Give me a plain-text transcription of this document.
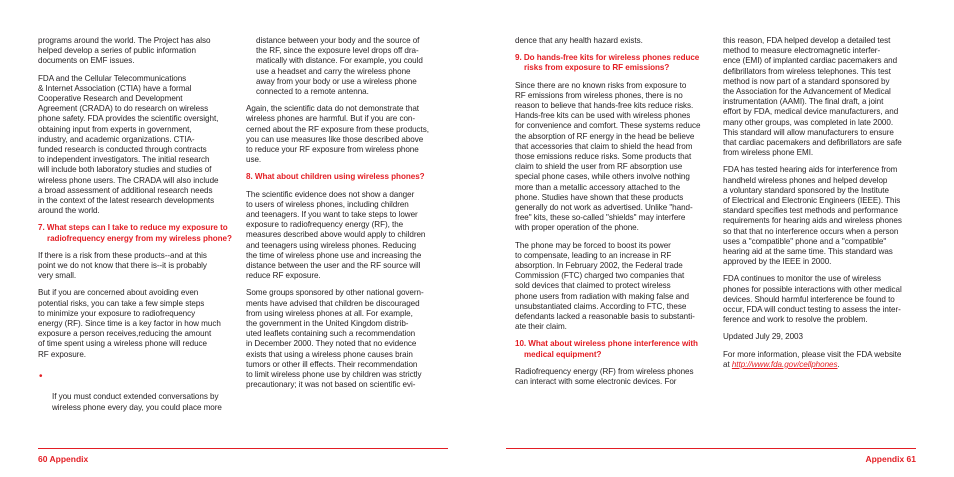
programs around the world. The Project has also
helped develop a series of public information
documents on EMF issues.

FDA and the Cellular Telecommunications
& Internet Association (CTIA) have a formal
Cooperative Research and Development
Agreement (CRADA) to do research on wireless
phone safety. FDA provides the scientific oversight,
obtaining input from experts in government,
industry, and academic organizations. CTIA-
funded research is conducted through contracts
to independent investigators. The initial research
will include both laboratory studies and studies of
wireless phone users. The CRADA will also include
a broad assessment of additional research needs
in the context of the latest research developments
around the world.

7. What steps can I take to reduce my exposure to
radiofrequency energy from my wireless phone?

If there is a risk from these products--and at this
point we do not know that there is--it is probably
very small.

But if you are concerned about avoiding even
potential risks, you can take a few simple steps
to minimize your exposure to radiofrequency
energy (RF). Since time is a key factor in how much
exposure a person receives,reducing the amount
of time spent using a wireless phone will reduce
RF exposure.

•

If you must conduct extended conversations by
wireless phone every day, you could place more

distance between your body and the source of
the RF, since the exposure level drops off dra-
matically with distance. For example, you could
use a headset and carry the wireless phone
away from your body or use a wireless phone
connected to a remote antenna.

Again, the scientific data do not demonstrate that
wireless phones are harmful. But if you are con-
cerned about the RF exposure from these products,
you can use measures like those described above
to reduce your RF exposure from wireless phone
use.

8. What about children using wireless phones?

The scientific evidence does not show a danger
to users of wireless phones, including children
and teenagers. If you want to take steps to lower
exposure to radiofrequency energy (RF), the
measures described above would apply to children
and teenagers using wireless phones. Reducing
the time of wireless phone use and increasing the
distance between the user and the RF source will
reduce RF exposure.

Some groups sponsored by other national govern-
ments have advised that children be discouraged
from using wireless phones at all. For example,
the government in the United Kingdom distrib-
uted leaflets containing such a recommendation
in December 2000. They noted that no evidence
exists that using a wireless phone causes brain
tumors or other ill effects. Their recommendation
to limit wireless phone use by children was strictly
precautionary; it was not based on scientific evi-

60 Appendix

dence that any health hazard exists.

9. Do hands-free kits for wireless phones reduce
risks from exposure to RF emissions?

Since there are no known risks from exposure to
RF emissions from wireless phones, there is no
reason to believe that hands-free kits reduce risks.
Hands-free kits can be used with wireless phones
for convenience and comfort. These systems reduce
the absorption of RF energy in the head be believe
that accessories that claim to shield the head from
those emissions reduce risks. Some products that
claim to shield the user from RF absorption use
special phone cases, while others involve nothing
more than a metallic accessory attached to the
phone. Studies have shown that these products
generally do not work as advertised. Unlike "hand-
free" kits, these so-called "shields" may interfere
with proper operation of the phone.

The phone may be forced to boost its power
to compensate, leading to an increase in RF
absorption. In February 2002, the Federal trade
Commission (FTC) charged two companies that
sold devices that claimed to protect wireless
phone users from radiation with making false and
unsubstantiated claims. According to FTC, these
defendants lacked a reasonable basis to substanti-
ate their claim.

10. What about wireless phone interference with
medical equipment?

Radiofrequency energy (RF) from wireless phones
can interact with some electronic devices. For

this reason, FDA helped develop a detailed test
method to measure electromagnetic interfer-
ence (EMI) of implanted cardiac pacemakers and
defibrillators from wireless telephones. This test
method is now part of a standard sponsored by
the Association for the Advancement of Medical
instrumentation (AAMI). The final draft, a joint
effort by FDA, medical device manufacturers, and
many other groups, was completed in late 2000.
This standard will allow manufacturers to ensure
that cardiac pacemakers and defibrillators are safe
from wireless phone EMI.

FDA has tested hearing aids for interference from
handheld wireless phones and helped develop
a voluntary standard sponsored by the Institute
of Electrical and Electronic Engineers (IEEE). This
standard specifies test methods and performance
requirements for hearing aids and wireless phones
so that that no interference occurs when a person
uses a "compatible" phone and a "compatible"
hearing aid at the same time. This standard was
approved by the IEEE in 2000.

FDA continues to monitor the use of wireless
phones for possible interactions with other medical
devices. Should harmful interference be found to
occur, FDA will conduct testing to assess the inter-
ference and work to resolve the problem.

Updated July 29, 2003

For more information, please visit the FDA website
at http://www.fda.gov/cellphones.

Appendix 61
